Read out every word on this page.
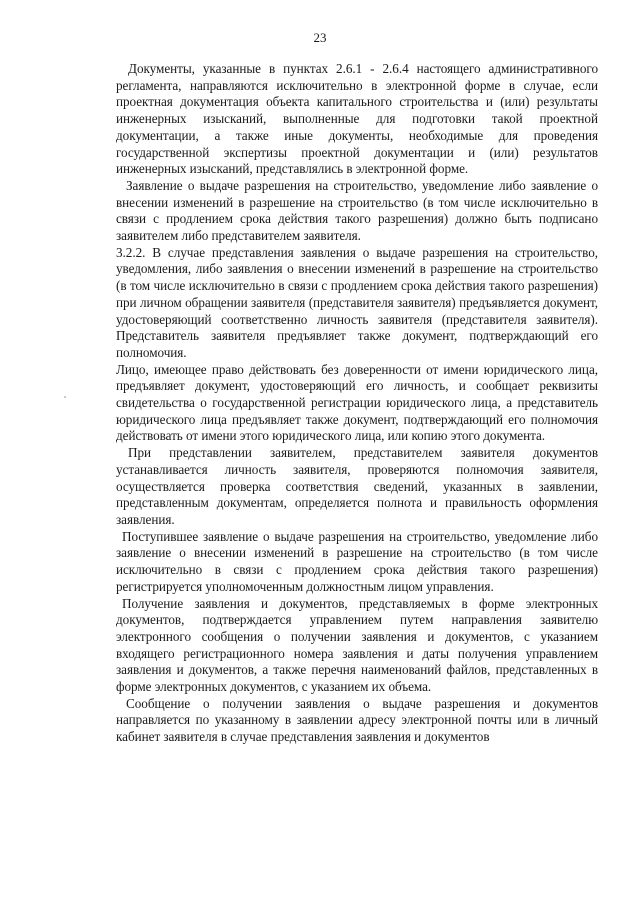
23

Документы, указанные в пунктах 2.6.1 - 2.6.4 настоящего административного регламента, направляются исключительно в электронной форме в случае, если проектная документация объекта капитального строительства и (или) результаты инженерных изысканий, выполненные для подготовки такой проектной документации, а также иные документы, необходимые для проведения государственной экспертизы проектной документации и (или) результатов инженерных изысканий, представлялись в электронной форме.

Заявление о выдаче разрешения на строительство, уведомление либо заявление о внесении изменений в разрешение на строительство (в том числе исключительно в связи с продлением срока действия такого разрешения) должно быть подписано заявителем либо представителем заявителя.

3.2.2. В случае представления заявления о выдаче разрешения на строительство, уведомления, либо заявления о внесении изменений в разрешение на строительство (в том числе исключительно в связи с продлением срока действия такого разрешения) при личном обращении заявителя (представителя заявителя) предъявляется документ, удостоверяющий соответственно личность заявителя (представителя заявителя). Представитель заявителя предъявляет также документ, подтверждающий его полномочия.

Лицо, имеющее право действовать без доверенности от имени юридического лица, предъявляет документ, удостоверяющий его личность, и сообщает реквизиты свидетельства о государственной регистрации юридического лица, а представитель юридического лица предъявляет также документ, подтверждающий его полномочия действовать от имени этого юридического лица, или копию этого документа.

При представлении заявителем, представителем заявителя документов устанавливается личность заявителя, проверяются полномочия заявителя, осуществляется проверка соответствия сведений, указанных в заявлении, представленным документам, определяется полнота и правильность оформления заявления.

Поступившее заявление о выдаче разрешения на строительство, уведомление либо заявление о внесении изменений в разрешение на строительство (в том числе исключительно в связи с продлением срока действия такого разрешения) регистрируется уполномоченным должностным лицом управления.

Получение заявления и документов, представляемых в форме электронных документов, подтверждается управлением путем направления заявителю электронного сообщения о получении заявления и документов, с указанием входящего регистрационного номера заявления и даты получения управлением заявления и документов, а также перечня наименований файлов, представленных в форме электронных документов, с указанием их объема.

Сообщение о получении заявления о выдаче разрешения и документов направляется по указанному в заявлении адресу электронной почты или в личный кабинет заявителя в случае представления заявления и документов
